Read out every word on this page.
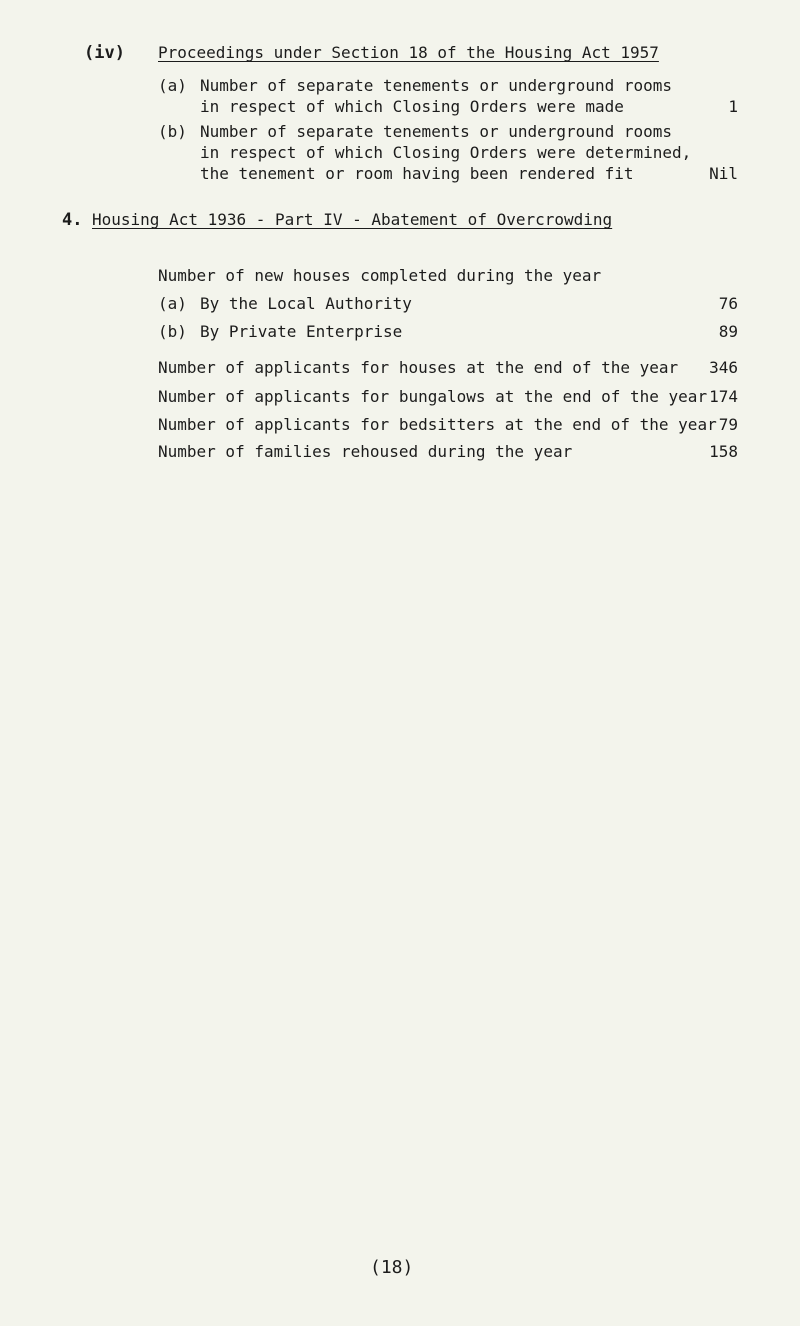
(iv) Proceedings under Section 18 of the Housing Act 1957
(a) Number of separate tenements or underground rooms
in respect of which Closing Orders were made	1
(b) Number of separate tenements or underground rooms
in respect of which Closing Orders were determined,
the tenement or room having been rendered fit	Nil
4. Housing Act 1936 - Part IV - Abatement of Overcrowding
Number of new houses completed during the year
(a) By the Local Authority	76
(b) By Private Enterprise	89
Number of applicants for houses at the end of the year	346
Number of applicants for bungalows at the end of the year 174
Number of applicants for bedsitters at the end of the year 79
Number of families rehoused during the year	158
(18)
